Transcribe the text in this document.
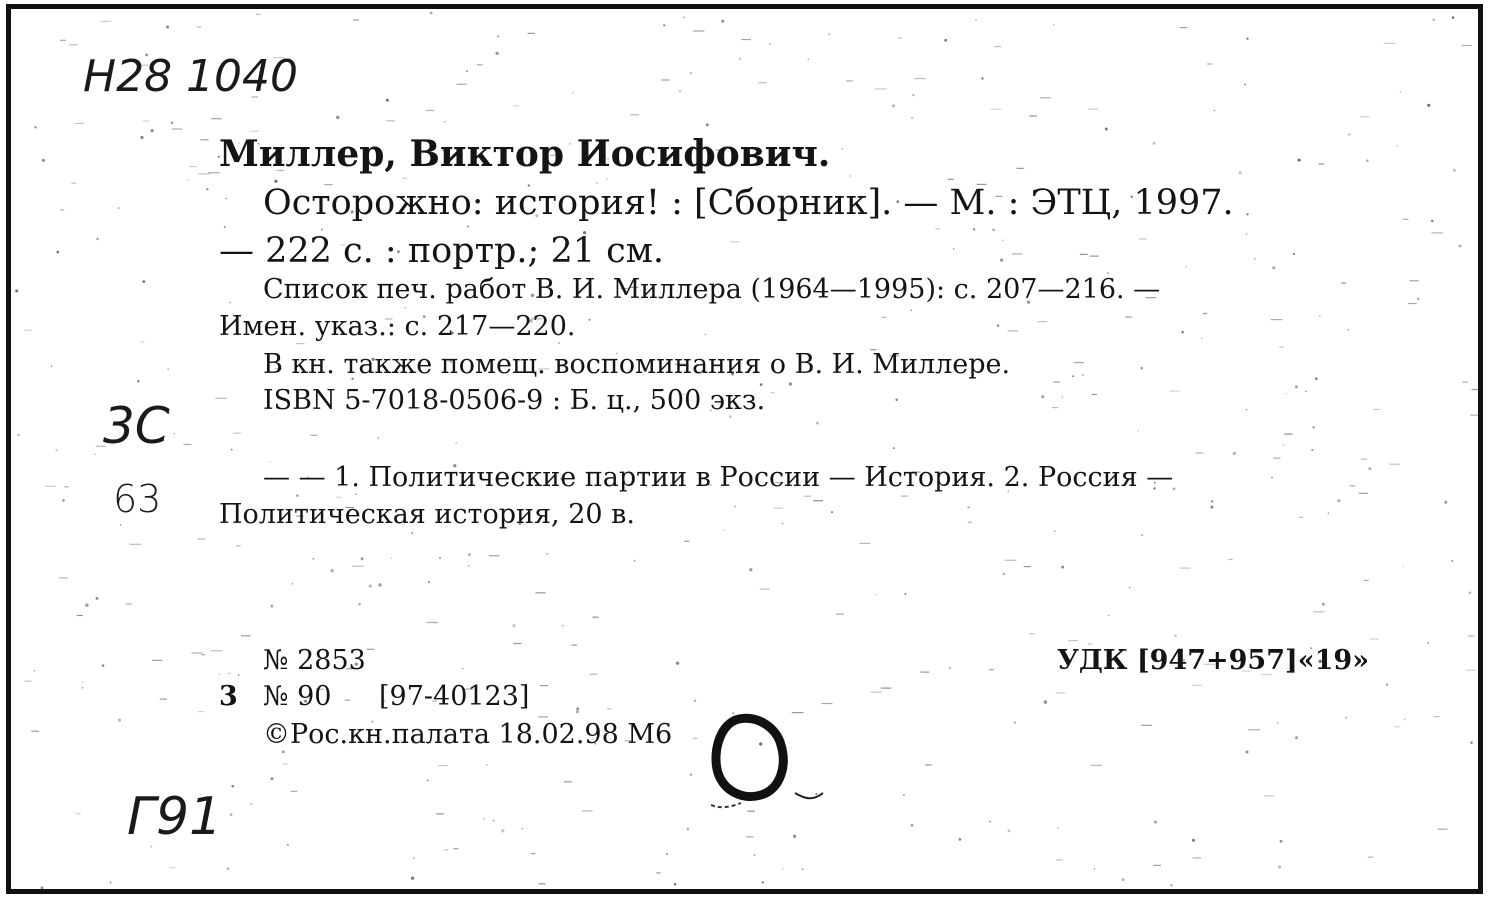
H28 1040

3C

63

Г91

Миллер, Виктор Иосифович.

Осторожно: история! : [Сборник]. — М. : ЭТЦ, 1997.

— 222 с. : портр.; 21 см.

Список печ. работ В. И. Миллера (1964—1995): с. 207—216. —

Имен. указ.: с. 217—220.

В кн. также помещ. воспоминания о В. И. Миллере.

ISBN 5-7018-0506-9 : Б. ц., 500 экз.

— — 1. Политические партии в России — История. 2. Россия —

Политическая история, 20 в.

№ 2853

3 № 90 [97-40123]

©Рос.кн.палата 18.02.98 М6

УДК [947+957]«19»
